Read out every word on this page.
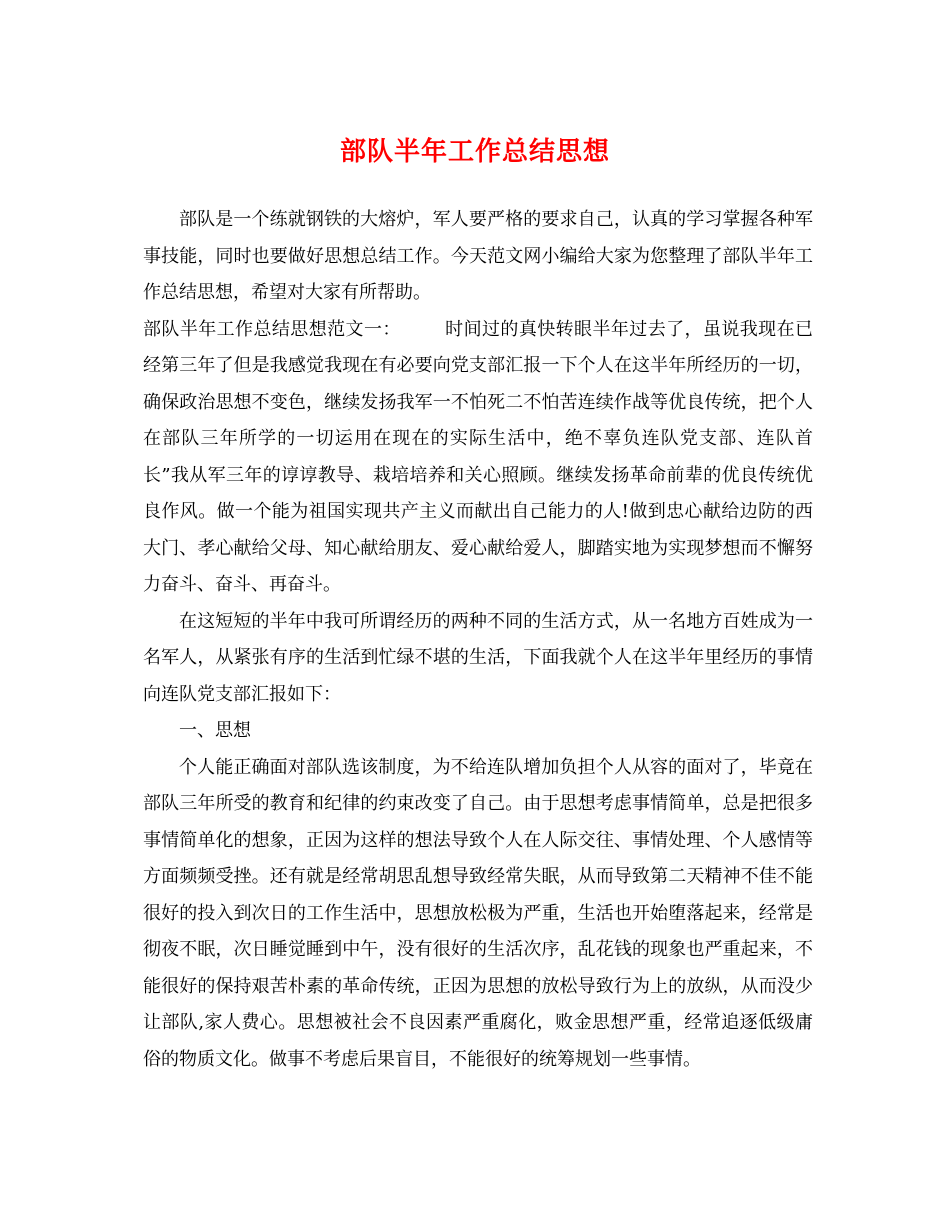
部队半年工作总结思想

部队是一个练就钢铁的大熔炉，军人要严格的要求自己，认真的学习掌握各种军事技能，同时也要做好思想总结工作。今天范文网小编给大家为您整理了部队半年工作总结思想，希望对大家有所帮助。

部队半年工作总结思想范文一： 时间过的真快转眼半年过去了，虽说我现在已经第三年了但是我感觉我现在有必要向党支部汇报一下个人在这半年所经历的一切，确保政治思想不变色，继续发扬我军一不怕死二不怕苦连续作战等优良传统，把个人在部队三年所学的一切运用在现在的实际生活中，绝不辜负连队党支部、连队首长”我从军三年的谆谆教导、栽培培养和关心照顾。继续发扬革命前辈的优良传统优良作风。做一个能为祖国实现共产主义而献出自己能力的人!做到忠心献给边防的西大门、孝心献给父母、知心献给朋友、爱心献给爱人，脚踏实地为实现梦想而不懈努力奋斗、奋斗、再奋斗。

在这短短的半年中我可所谓经历的两种不同的生活方式，从一名地方百姓成为一名军人，从紧张有序的生活到忙绿不堪的生活，下面我就个人在这半年里经历的事情向连队党支部汇报如下：

一、思想

个人能正确面对部队选该制度，为不给连队增加负担个人从容的面对了，毕竟在部队三年所受的教育和纪律的约束改变了自己。由于思想考虑事情简单，总是把很多事情简单化的想象，正因为这样的想法导致个人在人际交往、事情处理、个人感情等方面频频受挫。还有就是经常胡思乱想导致经常失眠，从而导致第二天精神不佳不能很好的投入到次日的工作生活中，思想放松极为严重，生活也开始堕落起来，经常是彻夜不眠，次日睡觉睡到中午，没有很好的生活次序，乱花钱的现象也严重起来，不能很好的保持艰苦朴素的革命传统，正因为思想的放松导致行为上的放纵，从而没少让部队,家人费心。思想被社会不良因素严重腐化，败金思想严重，经常追逐低级庸俗的物质文化。做事不考虑后果盲目，不能很好的统筹规划一些事情。
